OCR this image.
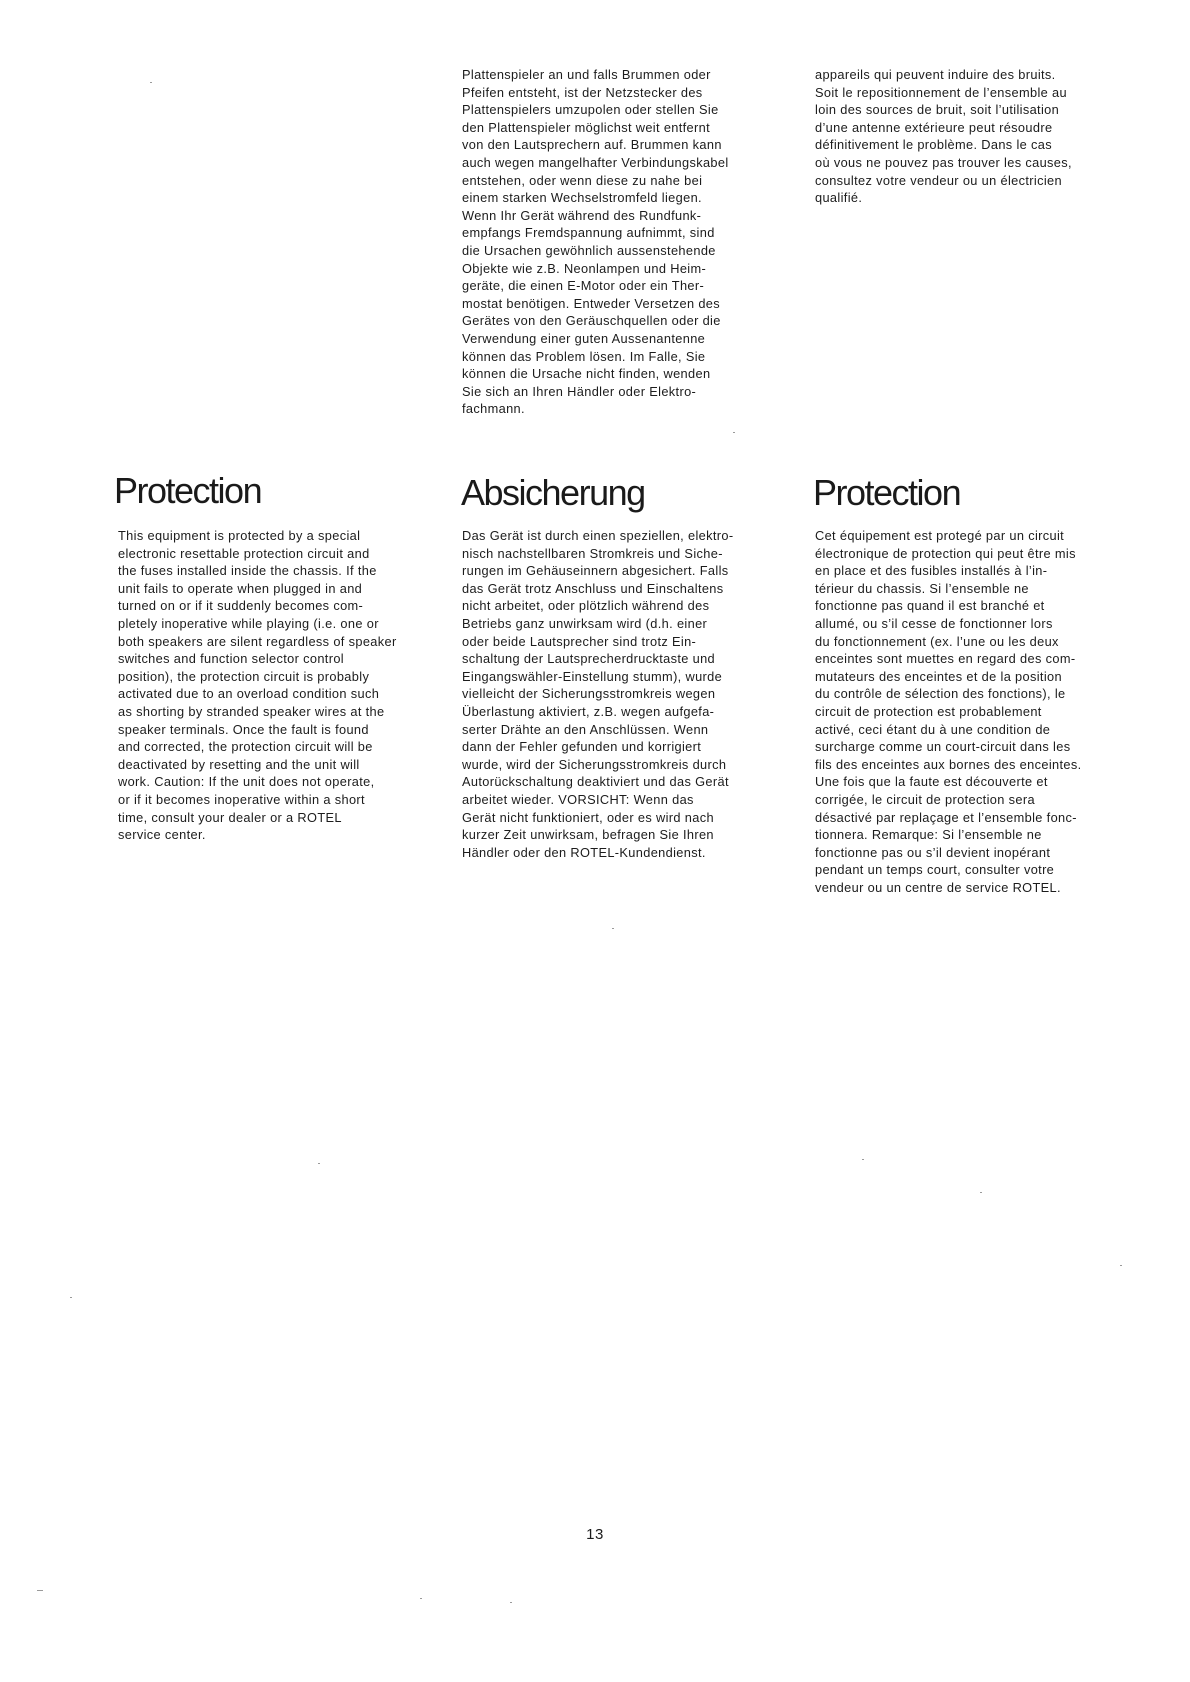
Plattenspieler an und falls Brummen oder
Pfeifen entsteht, ist der Netzstecker des
Plattenspielers umzupolen oder stellen Sie
den Plattenspieler möglichst weit entfernt
von den Lautsprechern auf. Brummen kann
auch wegen mangelhafter Verbindungskabel
entstehen, oder wenn diese zu nahe bei
einem starken Wechselstromfeld liegen.
Wenn Ihr Gerät während des Rundfunk-
empfangs Fremdspannung aufnimmt, sind
die Ursachen gewöhnlich aussenstehende
Objekte wie z.B. Neonlampen und Heim-
geräte, die einen E-Motor oder ein Ther-
mostat benötigen. Entweder Versetzen des
Gerätes von den Geräuschquellen oder die
Verwendung einer guten Aussenantenne
können das Problem lösen. Im Falle, Sie
können die Ursache nicht finden, wenden
Sie sich an Ihren Händler oder Elektro-
fachmann.

appareils qui peuvent induire des bruits.
Soit le repositionnement de l’ensemble au
loin des sources de bruit, soit l’utilisation
d’une antenne extérieure peut résoudre
définitivement le problème. Dans le cas
où vous ne pouvez pas trouver les causes,
consultez votre vendeur ou un électricien
qualifié.

Protection	Absicherung	Protection

This equipment is protected by a special
electronic resettable protection circuit and
the fuses installed inside the chassis. If the
unit fails to operate when plugged in and
turned on or if it suddenly becomes com-
pletely inoperative while playing (i.e. one or
both speakers are silent regardless of speaker
switches and function selector control
position), the protection circuit is probably
activated due to an overload condition such
as shorting by stranded speaker wires at the
speaker terminals. Once the fault is found
and corrected, the protection circuit will be
deactivated by resetting and the unit will
work. Caution: If the unit does not operate,
or if it becomes inoperative within a short
time, consult your dealer or a ROTEL
service center.

Das Gerät ist durch einen speziellen, elektro-
nisch nachstellbaren Stromkreis und Siche-
rungen im Gehäuseinnern abgesichert. Falls
das Gerät trotz Anschluss und Einschaltens
nicht arbeitet, oder plötzlich während des
Betriebs ganz unwirksam wird (d.h. einer
oder beide Lautsprecher sind trotz Ein-
schaltung der Lautsprecherdrucktaste und
Eingangswähler-Einstellung stumm), wurde
vielleicht der Sicherungsstromkreis wegen
Überlastung aktiviert, z.B. wegen aufgefa-
serter Drähte an den Anschlüssen. Wenn
dann der Fehler gefunden und korrigiert
wurde, wird der Sicherungsstromkreis durch
Autorückschaltung deaktiviert und das Gerät
arbeitet wieder. VORSICHT: Wenn das
Gerät nicht funktioniert, oder es wird nach
kurzer Zeit unwirksam, befragen Sie Ihren
Händler oder den ROTEL-Kundendienst.

Cet équipement est protegé par un circuit
électronique de protection qui peut être mis
en place et des fusibles installés à l’in-
térieur du chassis. Si l’ensemble ne
fonctionne pas quand il est branché et
allumé, ou s’il cesse de fonctionner lors
du fonctionnement (ex. l’une ou les deux
enceintes sont muettes en regard des com-
mutateurs des enceintes et de la position
du contrôle de sélection des fonctions), le
circuit de protection est probablement
activé, ceci étant du à une condition de
surcharge comme un court-circuit dans les
fils des enceintes aux bornes des enceintes.
Une fois que la faute est découverte et
corrigée, le circuit de protection sera
désactivé par replaçage et l’ensemble fonc-
tionnera. Remarque: Si l’ensemble ne
fonctionne pas ou s’il devient inopérant
pendant un temps court, consulter votre
vendeur ou un centre de service ROTEL.

13
